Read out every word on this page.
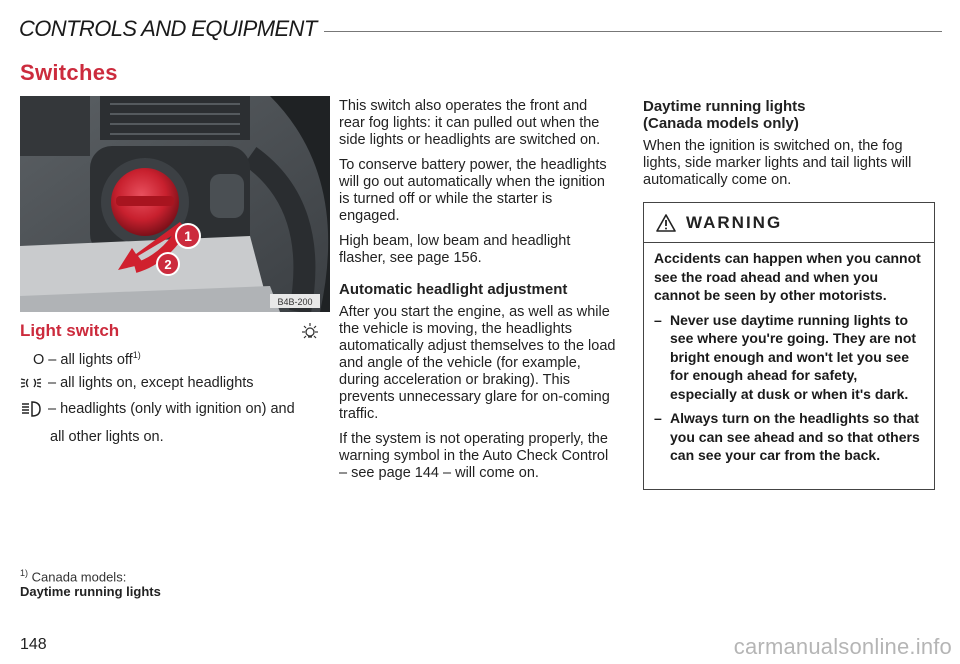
CONTROLS AND EQUIPMENT
Switches
1
2
B4B-200
Light switch
O – all lights off$^{1)}$
– all lights on, except headlights
– headlights (only with ignition on) and
all other lights on.
$^{1)}$ Canada models:
Daytime running lights
148

This switch also operates the front and rear fog lights: it can pulled out when the side lights or headlights are switched on.

To conserve battery power, the headlights will go out automatically when the ignition is turned off or while the starter is engaged.

High beam, low beam and headlight flasher, see page 156.

Automatic headlight adjustment

After you start the engine, as well as while the vehicle is moving, the headlights automatically adjust themselves to the load and angle of the vehicle (for example, during acceleration or braking). This prevents unnecessary glare for on-coming traffic.

If the system is not operating properly, the warning symbol in the Auto Check Control – see page 144 – will come on.

Daytime running lights
(Canada models only)

When the ignition is switched on, the fog lights, side marker lights and tail lights will automatically come on.

WARNING

Accidents can happen when you cannot see the road ahead and when you cannot be seen by other motorists.

– Never use daytime running lights to see where you're going. They are not bright enough and won't let you see for enough ahead for safety, especially at dusk or when it's dark.
– Always turn on the headlights so that you can see ahead and so that others can see your car from the back.
carmanualsonline.info
